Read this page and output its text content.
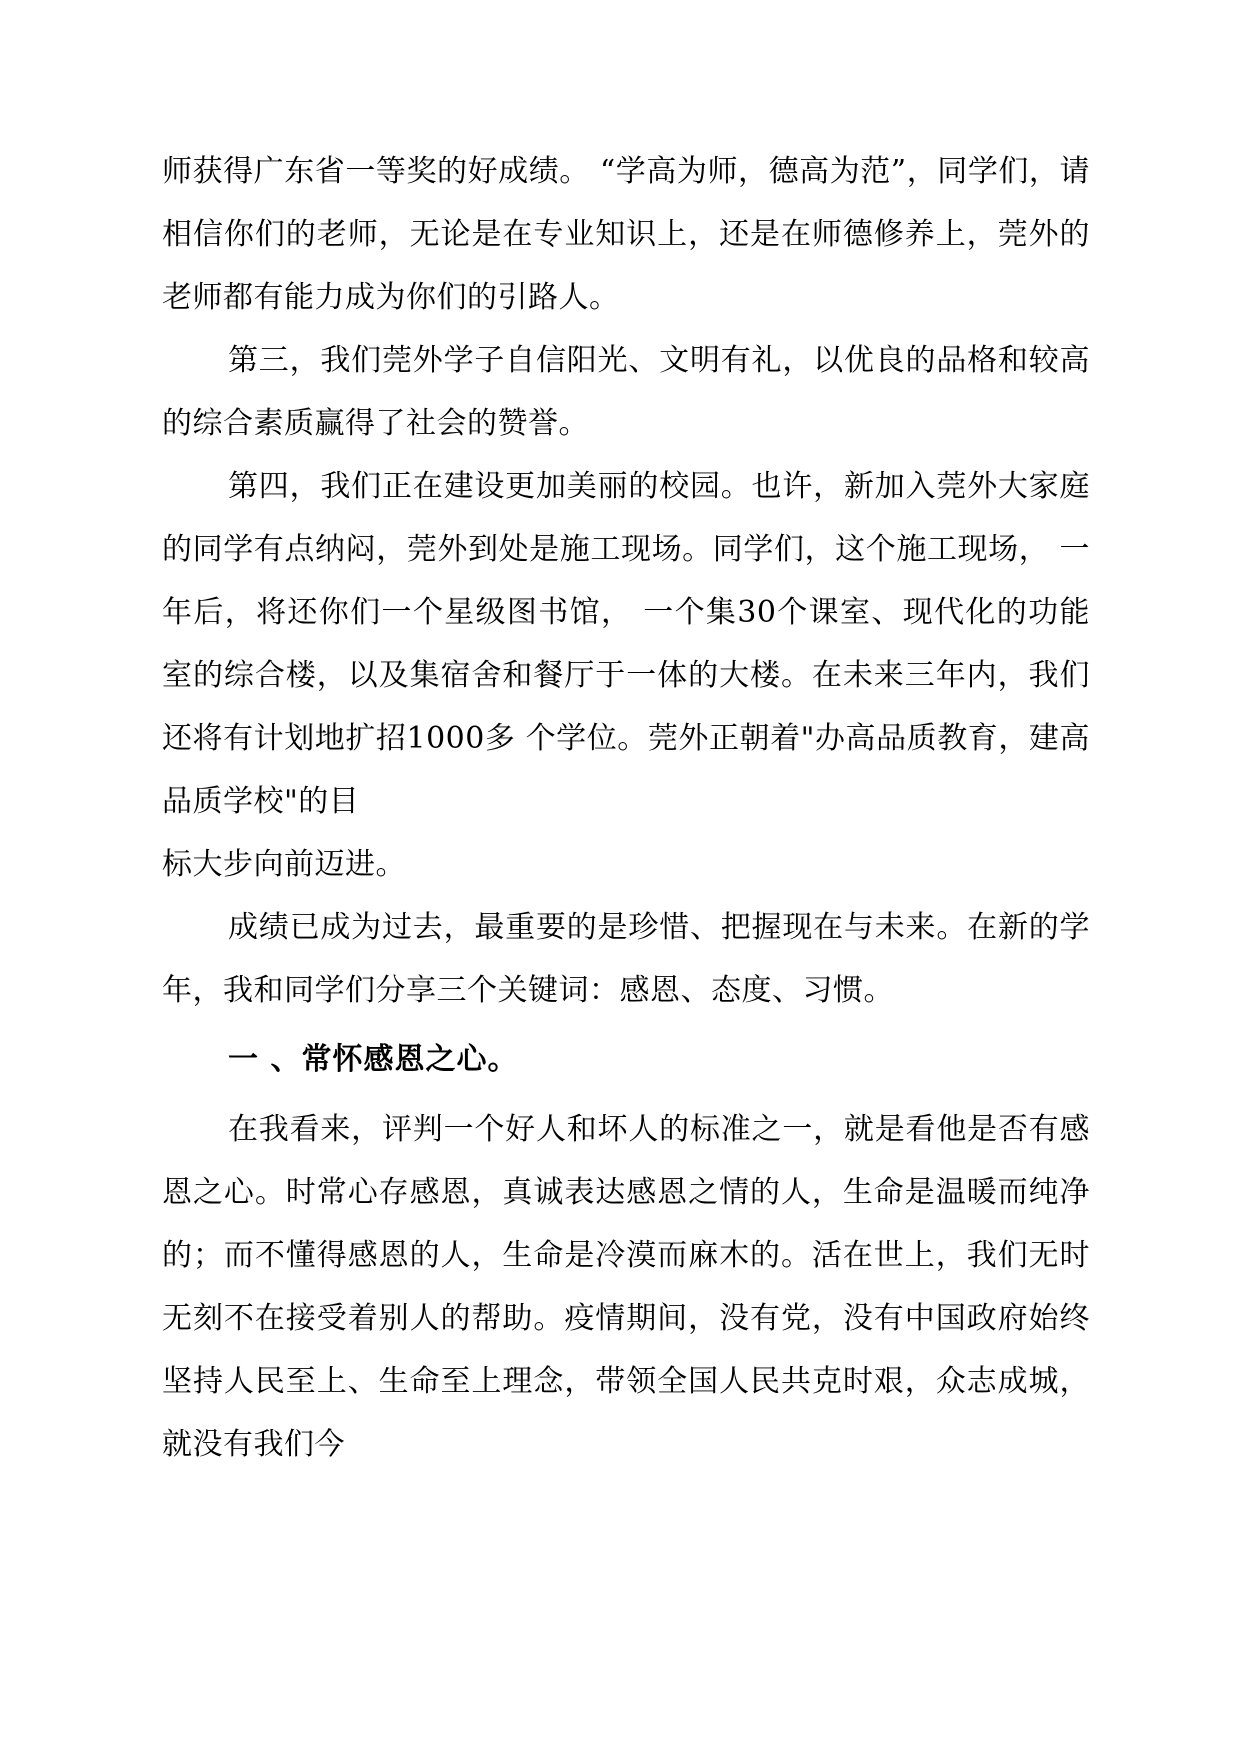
师获得广东省一等奖的好成绩。 “学高为师，德高为范”，同学们，请相信你们的老师，无论是在专业知识上，还是在师德修养上，莞外的老师都有能力成为你们的引路人。

第三，我们莞外学子自信阳光、文明有礼，以优良的品格和较高的综合素质赢得了社会的赞誉。

第四，我们正在建设更加美丽的校园。也许，新加入莞外大家庭的同学有点纳闷，莞外到处是施工现场。同学们，这个施工现场， 一年后，将还你们一个星级图书馆， 一个集30个课室、现代化的功能室的综合楼，以及集宿舍和餐厅于一体的大楼。在未来三年内，我们还将有计划地扩招1000多 个学位。莞外正朝着"办高品质教育，建高品质学校"的目

标大步向前迈进。

成绩已成为过去，最重要的是珍惜、把握现在与未来。在新的学年，我和同学们分享三个关键词：感恩、态度、习惯。

一 、常怀感恩之心。

在我看来，评判一个好人和坏人的标准之一，就是看他是否有感恩之心。时常心存感恩，真诚表达感恩之情的人，生命是温暖而纯净的；而不懂得感恩的人，生命是冷漠而麻木的。活在世上，我们无时无刻不在接受着别人的帮助。疫情期间，没有党，没有中国政府始终坚持人民至上、生命至上理念，带领全国人民共克时艰，众志成城，就没有我们今
